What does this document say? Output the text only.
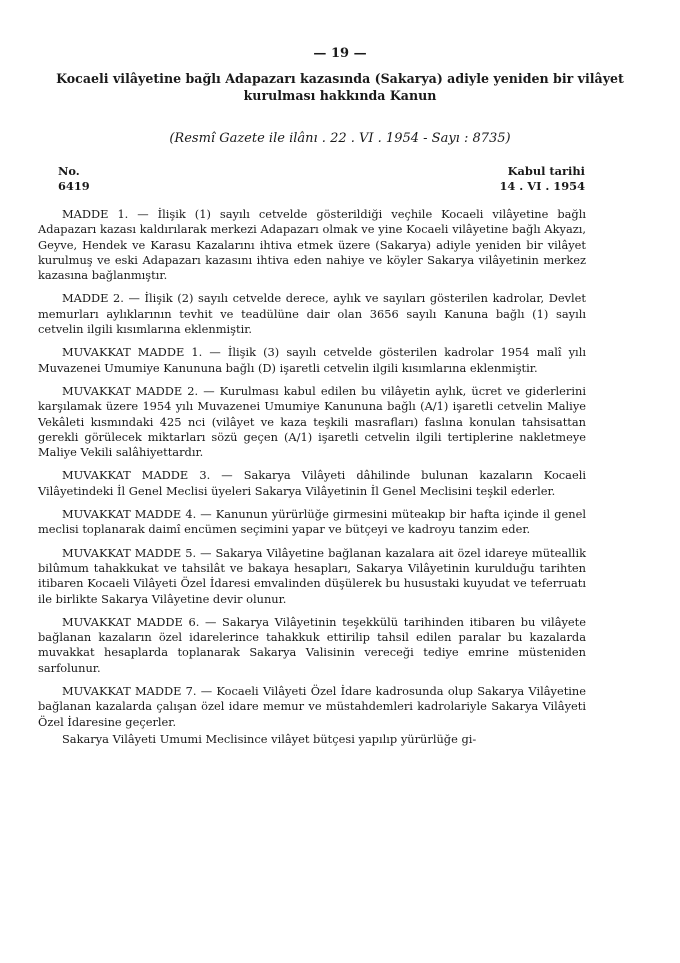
— 19 —
Kocaeli vilâyetine bağlı Adapazarı kazasında (Sakarya) adiyle yeniden bir vilâyet kurulması hakkında Kanun
(Resmî Gazete ile ilânı . 22 . VI . 1954 - Sayı : 8735)
No.
6419
Kabul tarihi
14 . VI . 1954

MADDE 1. — İlişik (1) sayılı cetvelde gösterildiği veçhile Kocaeli vilâyetine bağlı Adapazarı kazası kaldırılarak merkezi Adapazarı olmak ve yine Kocaeli vilâyetine bağlı Akyazı, Geyve, Hendek ve Karasu Kazalarını ihtiva etmek üzere (Sakarya) adiyle yeniden bir vilâyet kurulmuş ve eski Adapazarı kazasını ihtiva eden nahiye ve köyler Sakarya vilâyetinin merkez kazasına bağlanmıştır.

MADDE 2. — İlişik (2) sayılı cetvelde derece, aylık ve sayıları gösterilen kadrolar, Devlet memurları aylıklarının tevhit ve teadülüne dair olan 3656 sayılı Kanuna bağlı (1) sayılı cetvelin ilgili kısımlarına eklenmiştir.

MUVAKKAT MADDE 1. — İlişik (3) sayılı cetvelde gösterilen kadrolar 1954 malî yılı Muvazenei Umumiye Kanununa bağlı (D) işaretli cetvelin ilgili kısımlarına eklenmiştir.

MUVAKKAT MADDE 2. — Kurulması kabul edilen bu vilâyetin aylık, ücret ve giderlerini karşılamak üzere 1954 yılı Muvazenei Umumiye Kanununa bağlı (A/1) işaretli cetvelin Maliye Vekâleti kısmındaki 425 nci (vilâyet ve kaza teşkili masrafları) faslına konulan tahsisattan gerekli görülecek miktarları sözü geçen (A/1) işaretli cetvelin ilgili tertiplerine nakletmeye Maliye Vekili salâhiyettardır.

MUVAKKAT MADDE 3. — Sakarya Vilâyeti dâhilinde bulunan kazaların Kocaeli Vilâyetindeki İl Genel Meclisi üyeleri Sakarya Vilâyetinin İl Genel Meclisini teşkil ederler.

MUVAKKAT MADDE 4. — Kanunun yürürlüğe girmesini müteakıp bir hafta içinde il genel meclisi toplanarak daimî encümen seçimini yapar ve bütçeyi ve kadroyu tanzim eder.

MUVAKKAT MADDE 5. — Sakarya Vilâyetine bağlanan kazalara ait özel idareye müteallik bilûmum tahakkukat ve tahsilât ve bakaya hesapları, Sakarya Vilâyetinin kurulduğu tarihten itibaren Kocaeli Vilâyeti Özel İdaresi emvalinden düşülerek bu husustaki kuyudat ve teferruatı ile birlikte Sakarya Vilâyetine devir olunur.

MUVAKKAT MADDE 6. — Sakarya Vilâyetinin teşekkülü tarihinden itibaren bu vilâyete bağlanan kazaların özel idarelerince tahakkuk ettirilip tahsil edilen paralar bu kazalarda muvakkat hesaplarda toplanarak Sakarya Valisinin vereceği tediye emrine müsteniden sarfolunur.

MUVAKKAT MADDE 7. — Kocaeli Vilâyeti Özel İdare kadrosunda olup Sakarya Vilâyetine bağlanan kazalarda çalışan özel idare memur ve müstahdemleri kadrolariyle Sakarya Vilâyeti Özel İdaresine geçerler.

Sakarya Vilâyeti Umumi Meclisince vilâyet bütçesi yapılıp yürürlüğe gi-
